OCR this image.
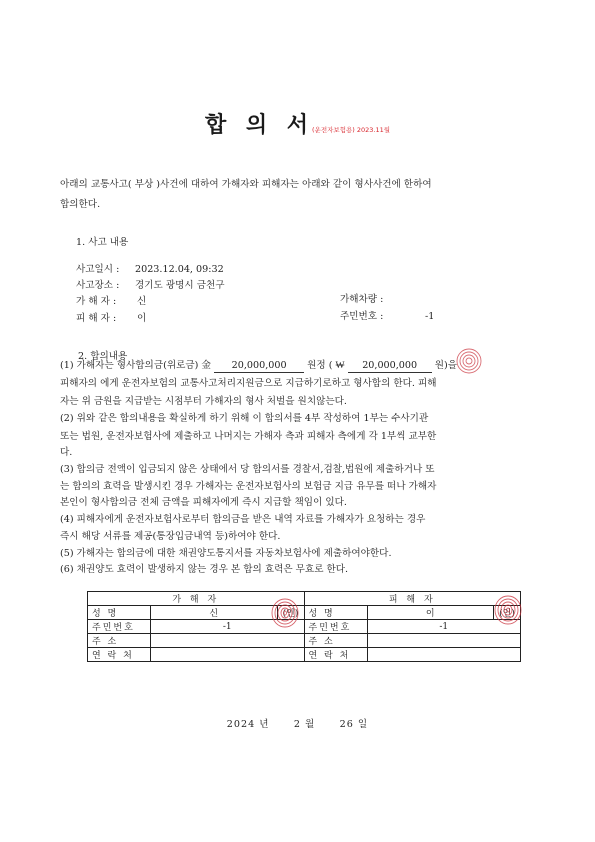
합 의 서(운전자보험용) 2023.11월
아래의 교통사고( 부상 )사건에 대하여 가해자와 피해자는 아래와 같이 형사사건에 한하여
합의한다.
1. 사고 내용
사고일시 : 2023.12.04, 09:32
사고장소 : 경기도 광명시 금천구
가 해 자 : 신	가해차량 :
피 해 자 : 이	주민번호 :	-1
2. 합의내용
(1) 가해자는 형사합의금(위로금) 金 20,000,000 원정 ( ₩ 20,000,000 원)을
피해자의 에게 운전자보험의 교통사고처리지원금으로 지급하기로하고 형사합의 한다. 피해
자는 위 금원을 지급받는 시점부터 가해자의 형사 처벌을 원치않는다.
(2) 위와 같은 합의내용을 확실하게 하기 위해 이 합의서를 4부 작성하여 1부는 수사기관
또는 법원, 운전자보험사에 제출하고 나머지는 가해자 측과 피해자 측에게 각 1부씩 교부한
다.
(3) 합의금 전액이 입금되지 않은 상태에서 당 합의서를 경찰서,검찰,법원에 제출하거나 또
는 합의의 효력을 발생시킨 경우 가해자는 운전자보험사의 보험금 지급 유무를 떠나 가해자
본인이 형사합의금 전체 금액을 피해자에게 즉시 지급할 책임이 있다.
(4) 피해자에게 운전자보험사로부터 합의금을 받은 내역 자료를 가해자가 요청하는 경우
즉시 해당 서류를 제공(통장입금내역 등)하여야 한다.
(5) 가해자는 합의금에 대한 채권양도통지서를 자동차보험사에 제출하여야한다.
(6) 채권양도 효력이 발생하지 않는 경우 본 합의 효력은 무효로 한다.
가 해 자			피 해 자		
성 명	신	(인)	성 명	이	(인)
주민번호	-1		주민번호	-1	
주 소			주 소		
연 락 처			연 락 처		
2024 년	2 월	26 일
